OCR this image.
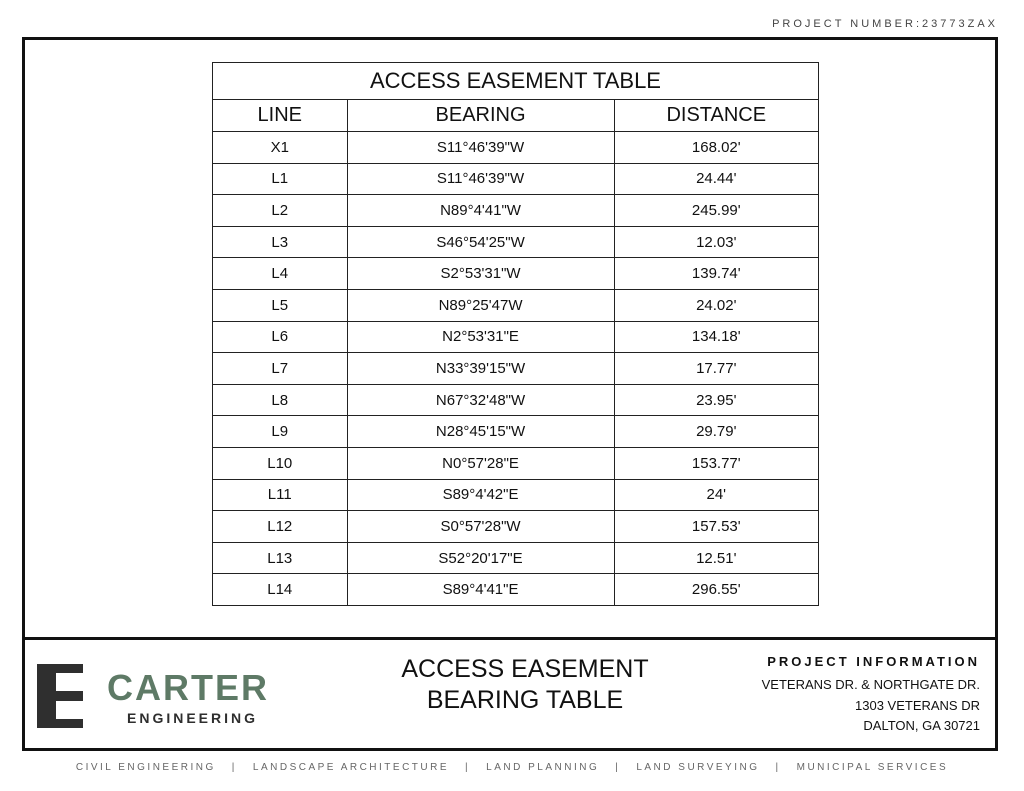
PROJECT NUMBER:23773ZAX
ACCESS EASEMENT TABLE		
LINE	BEARING	DISTANCE
X1	S11°46'39"W	168.02'
L1	S11°46'39"W	24.44'
L2	N89°4'41"W	245.99'
L3	S46°54'25"W	12.03'
L4	S2°53'31"W	139.74'
L5	N89°25'47W	24.02'
L6	N2°53'31"E	134.18'
L7	N33°39'15"W	17.77'
L8	N67°32'48"W	23.95'
L9	N28°45'15"W	29.79'
L10	N0°57'28"E	153.77'
L11	S89°4'42"E	24'
L12	S0°57'28"W	157.53'
L13	S52°20'17"E	12.51'
L14	S89°4'41"E	296.55'
CARTER
ENGINEERING
ACCESS EASEMENT
BEARING TABLE
PROJECT INFORMATION
VETERANS DR. & NORTHGATE DR.
1303 VETERANS DR
DALTON, GA 30721
CIVIL ENGINEERING | LANDSCAPE ARCHITECTURE | LAND PLANNING | LAND SURVEYING | MUNICIPAL SERVICES
